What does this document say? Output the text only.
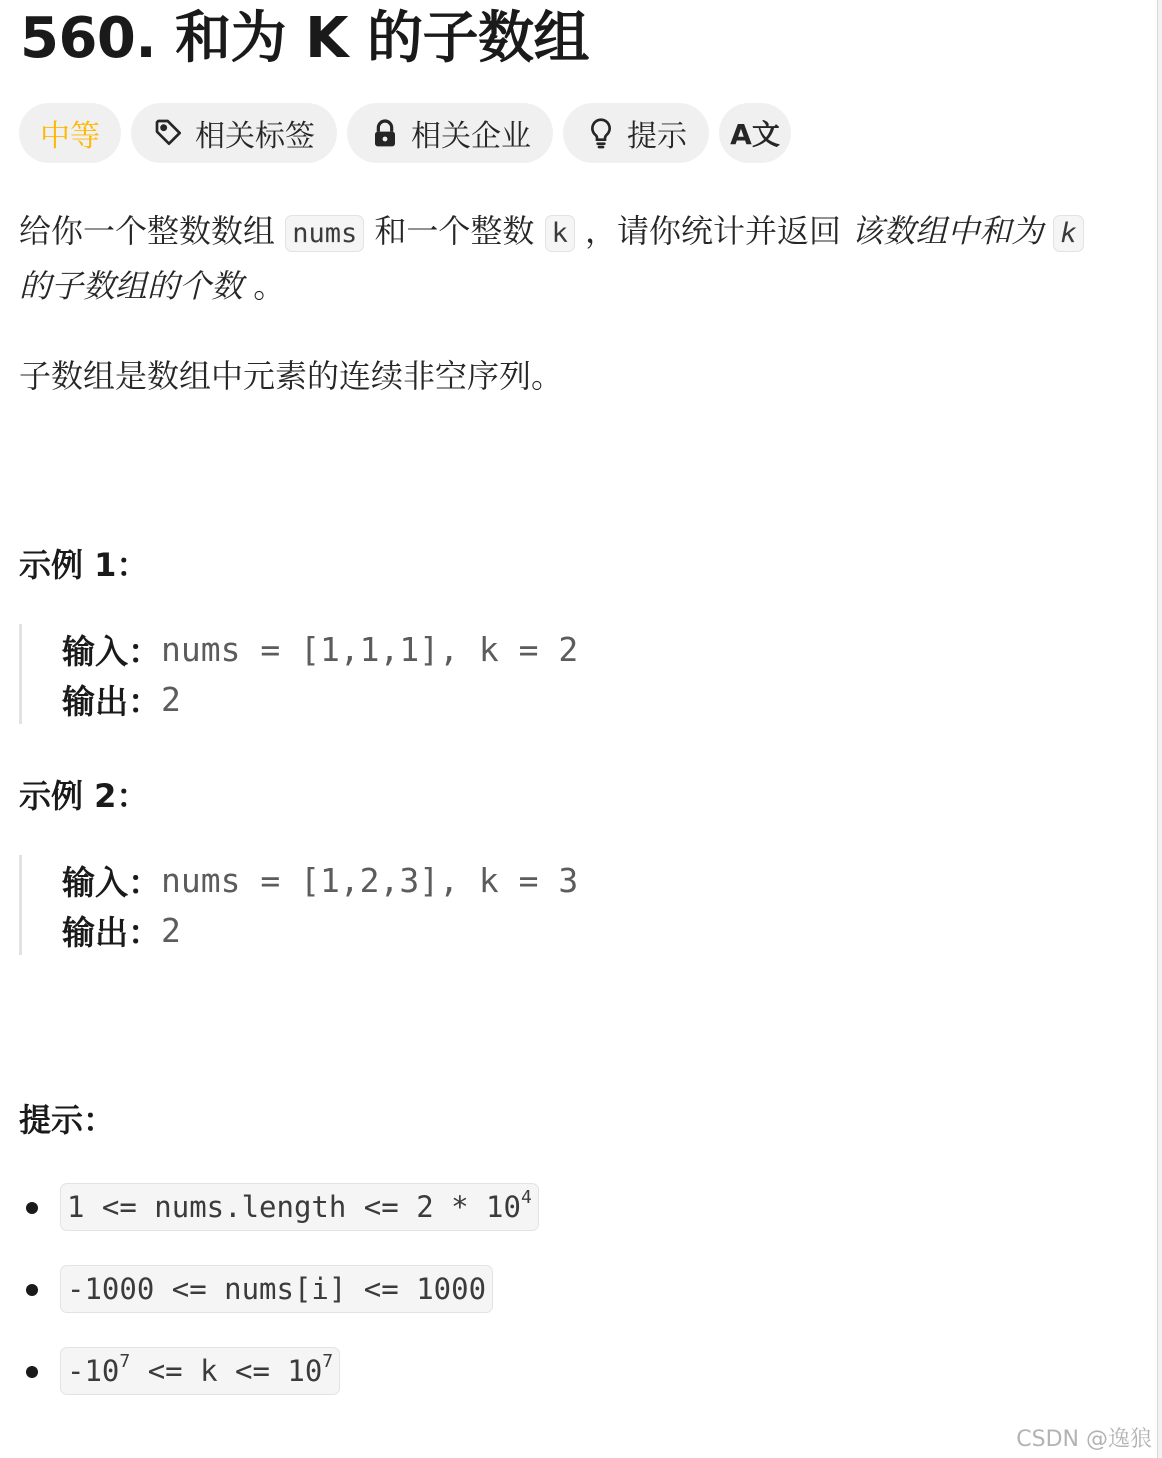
560. 和为 K 的子数组
中等	相关标签	相关企业	提示 A文

给你一个整数数组 nums 和一个整数 k ，请你统计并返回 该数组中和为 k 的子数组的个数 。

子数组是数组中元素的连续非空序列。

示例 1：
输入： nums = [1,1,1], k = 2
输出： 2
示例 2：
输入： nums = [1,2,3], k = 3
输出： 2
提示：
1 <= nums.length <= $2 * 10^4$
-1000 <= nums[i] <= 1000
$-10^7 <= k <= 10^7$
CSDN @逸狼
